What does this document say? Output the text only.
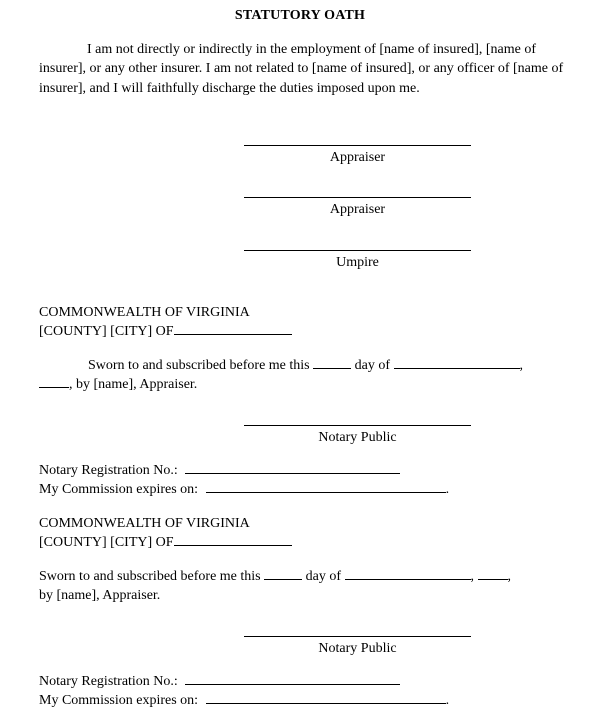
STATUTORY OATH
I am not directly or indirectly in the employment of [name of insured], [name of insurer], or any other insurer. I am not related to [name of insured], or any officer of [name of insurer], and I will faithfully discharge the duties imposed upon me.
Appraiser
Appraiser
Umpire
COMMONWEALTH OF VIRGINIA
[COUNTY] [CITY] OF
Sworn to and subscribed before me this	day of	,
, by [name], Appraiser.
Notary Public
Notary Registration No.:
My Commission expires on:	.
COMMONWEALTH OF VIRGINIA
[COUNTY] [CITY] OF
Sworn to and subscribed before me this	day of	, ,
by [name], Appraiser.
Notary Public
Notary Registration No.:
My Commission expires on:	.
